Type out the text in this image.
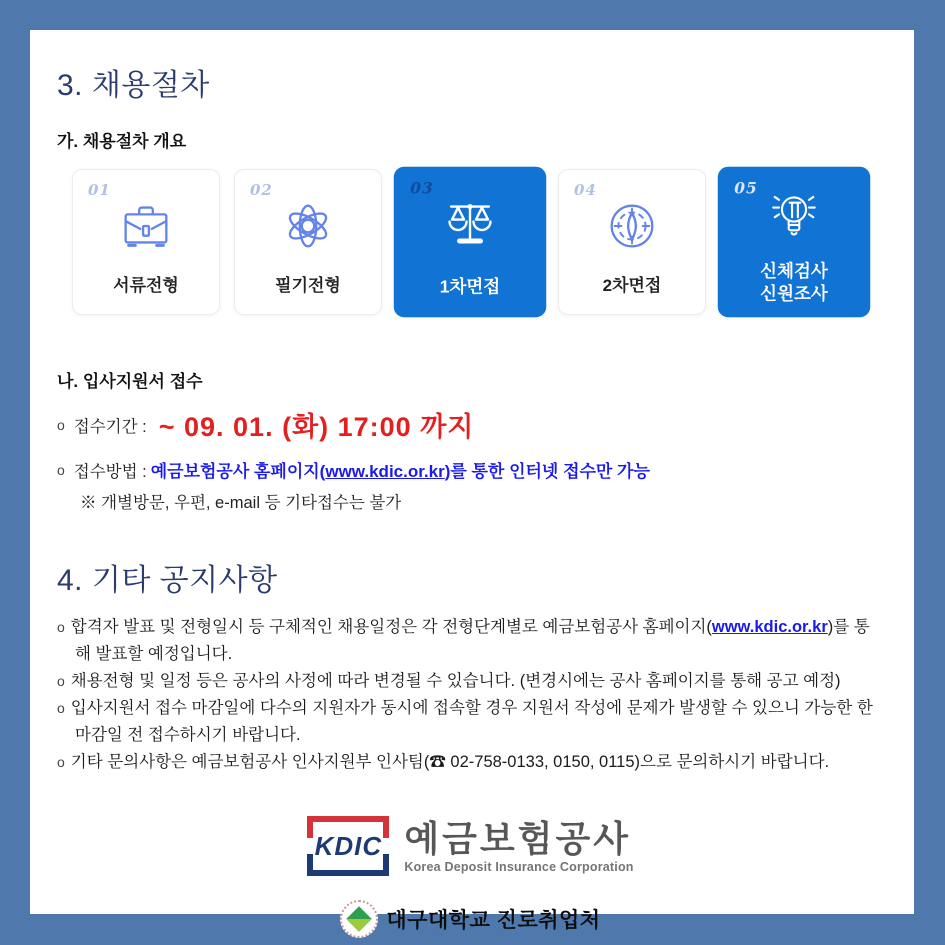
3. 채용절차
가. 채용절차 개요
01
서류전형
02
필기전형
03
1차면접
04
2차면접
05
신체검사
신원조사
나. 입사지원서 접수
o 접수기간 : ~ 09. 01. (화) 17:00 까지
o 접수방법 : 예금보험공사 홈페이지(www.kdic.or.kr)를 통한 인터넷 접수만 가능
※ 개별방문, 우편, e-mail 등 기타접수는 불가
4. 기타 공지사항
o 합격자 발표 및 전형일시 등 구체적인 채용일정은 각 전형단계별로 예금보험공사 홈페이지(www.kdic.or.kr)를 통해 발표할 예정입니다.
o 채용전형 및 일정 등은 공사의 사정에 따라 변경될 수 있습니다. (변경시에는 공사 홈페이지를 통해 공고 예정)
o 입사지원서 접수 마감일에 다수의 지원자가 동시에 접속할 경우 지원서 작성에 문제가 발생할 수 있으니 가능한 한 마감일 전 접수하시기 바랍니다.
o 기타 문의사항은 예금보험공사 인사지원부 인사팀(☎ 02-758-0133, 0150, 0115)으로 문의하시기 바랍니다.
KDIC 예금보험공사
Korea Deposit Insurance Corporation
대구대학교 진로취업처
